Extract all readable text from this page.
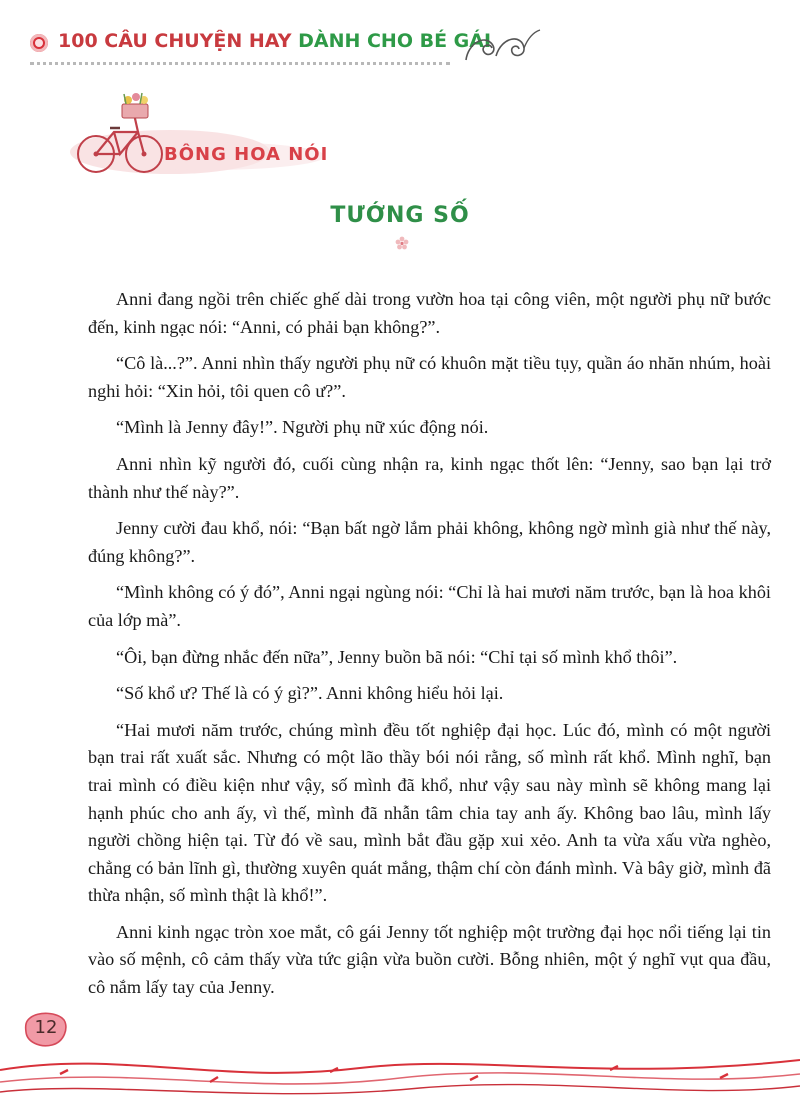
100 CÂU CHUYỆN HAY DÀNH CHO BÉ GÁI
BÔNG HOA NÓI
TƯỚNG SỐ

Anni đang ngồi trên chiếc ghế dài trong vườn hoa tại công viên, một người phụ nữ bước đến, kinh ngạc nói: “Anni, có phải bạn không?”.

“Cô là...?”. Anni nhìn thấy người phụ nữ có khuôn mặt tiều tụy, quần áo nhăn nhúm, hoài nghi hỏi: “Xin hỏi, tôi quen cô ư?”.

“Mình là Jenny đây!”. Người phụ nữ xúc động nói.

Anni nhìn kỹ người đó, cuối cùng nhận ra, kinh ngạc thốt lên: “Jenny, sao bạn lại trở thành như thế này?”.

Jenny cười đau khổ, nói: “Bạn bất ngờ lắm phải không, không ngờ mình già như thế này, đúng không?”.

“Mình không có ý đó”, Anni ngại ngùng nói: “Chỉ là hai mươi năm trước, bạn là hoa khôi của lớp mà”.

“Ôi, bạn đừng nhắc đến nữa”, Jenny buồn bã nói: “Chỉ tại số mình khổ thôi”.

“Số khổ ư? Thế là có ý gì?”. Anni không hiểu hỏi lại.

“Hai mươi năm trước, chúng mình đều tốt nghiệp đại học. Lúc đó, mình có một người bạn trai rất xuất sắc. Nhưng có một lão thầy bói nói rằng, số mình rất khổ. Mình nghĩ, bạn trai mình có điều kiện như vậy, số mình đã khổ, như vậy sau này mình sẽ không mang lại hạnh phúc cho anh ấy, vì thế, mình đã nhẫn tâm chia tay anh ấy. Không bao lâu, mình lấy người chồng hiện tại. Từ đó về sau, mình bắt đầu gặp xui xẻo. Anh ta vừa xấu vừa nghèo, chẳng có bản lĩnh gì, thường xuyên quát mắng, thậm chí còn đánh mình. Và bây giờ, mình đã thừa nhận, số mình thật là khổ!”.

Anni kinh ngạc tròn xoe mắt, cô gái Jenny tốt nghiệp một trường đại học nổi tiếng lại tin vào số mệnh, cô cảm thấy vừa tức giận vừa buồn cười. Bỗng nhiên, một ý nghĩ vụt qua đầu, cô nắm lấy tay của Jenny.

12
